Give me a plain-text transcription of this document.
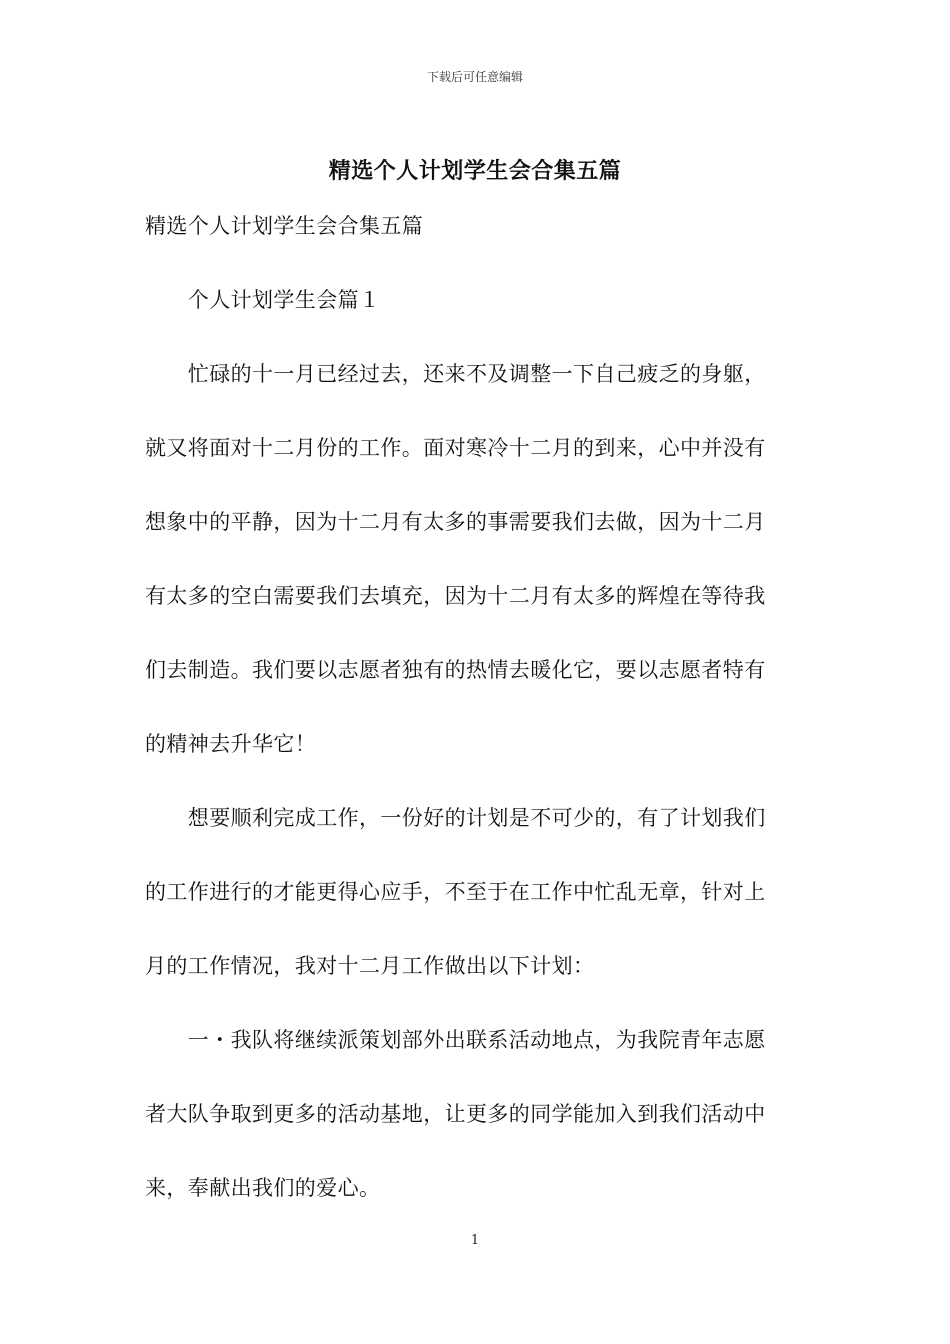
下载后可任意编辑
精选个人计划学生会合集五篇
精选个人计划学生会合集五篇
　　个人计划学生会篇１
　　忙碌的十一月已经过去，还来不及调整一下自己疲乏的身躯，
就又将面对十二月份的工作。面对寒冷十二月的到来，心中并没有
想象中的平静，因为十二月有太多的事需要我们去做，因为十二月
有太多的空白需要我们去填充，因为十二月有太多的辉煌在等待我
们去制造。我们要以志愿者独有的热情去暖化它，要以志愿者特有
的精神去升华它！
　　想要顺利完成工作，一份好的计划是不可少的，有了计划我们
的工作进行的才能更得心应手，不至于在工作中忙乱无章，针对上
月的工作情况，我对十二月工作做出以下计划：
　　一・我队将继续派策划部外出联系活动地点，为我院青年志愿
者大队争取到更多的活动基地，让更多的同学能加入到我们活动中
来，奉献出我们的爱心。
1
